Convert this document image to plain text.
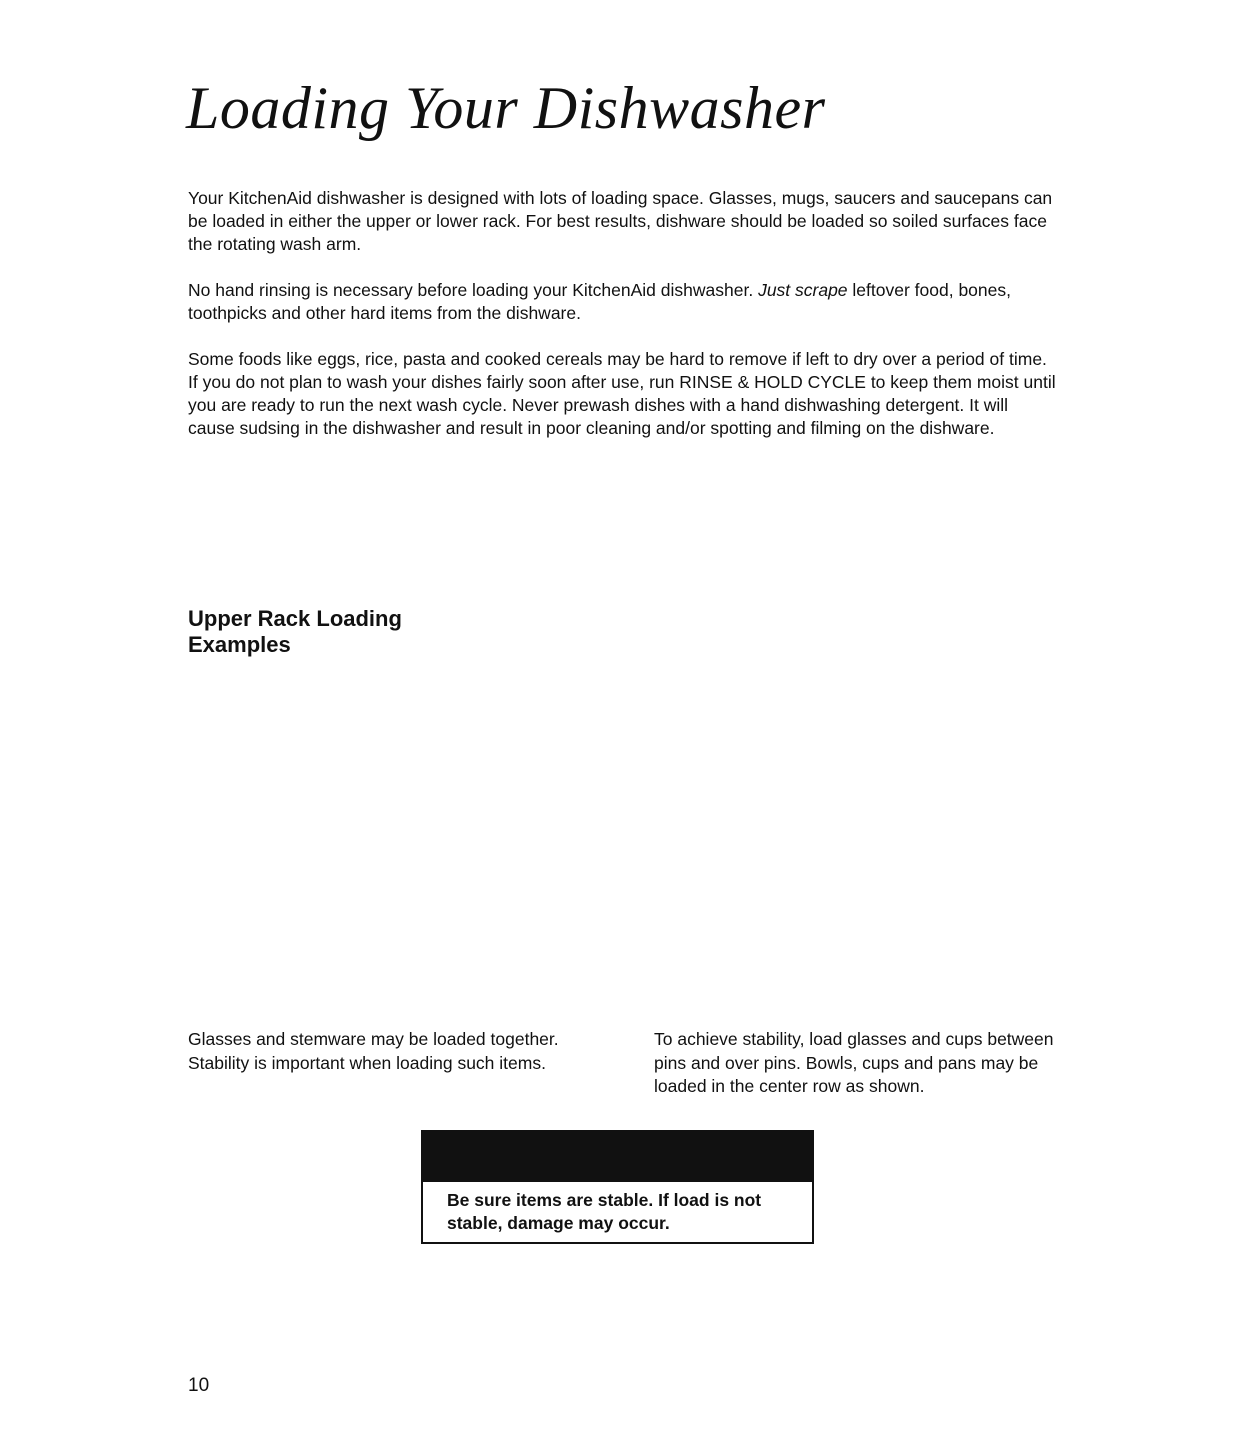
Loading Your Dishwasher

Your KitchenAid dishwasher is designed with lots of loading space. Glasses, mugs, saucers and saucepans can be loaded in either the upper or lower rack. For best results, dishware should be loaded so soiled surfaces face the rotating wash arm.

No hand rinsing is necessary before loading your KitchenAid dishwasher. Just scrape leftover food, bones, toothpicks and other hard items from the dishware.

Some foods like eggs, rice, pasta and cooked cereals may be hard to remove if left to dry over a period of time. If you do not plan to wash your dishes fairly soon after use, run RINSE & HOLD CYCLE to keep them moist until you are ready to run the next wash cycle. Never prewash dishes with a hand dishwashing detergent. It will cause sudsing in the dishwasher and result in poor cleaning and/or spotting and filming on the dishware.

Upper Rack Loading
Examples

Glasses and stemware may be loaded together. Stability is important when loading such items.

To achieve stability, load glasses and cups between pins and over pins. Bowls, cups and pans may be loaded in the center row as shown.

Be sure items are stable. If load is not stable, damage may occur.

10
